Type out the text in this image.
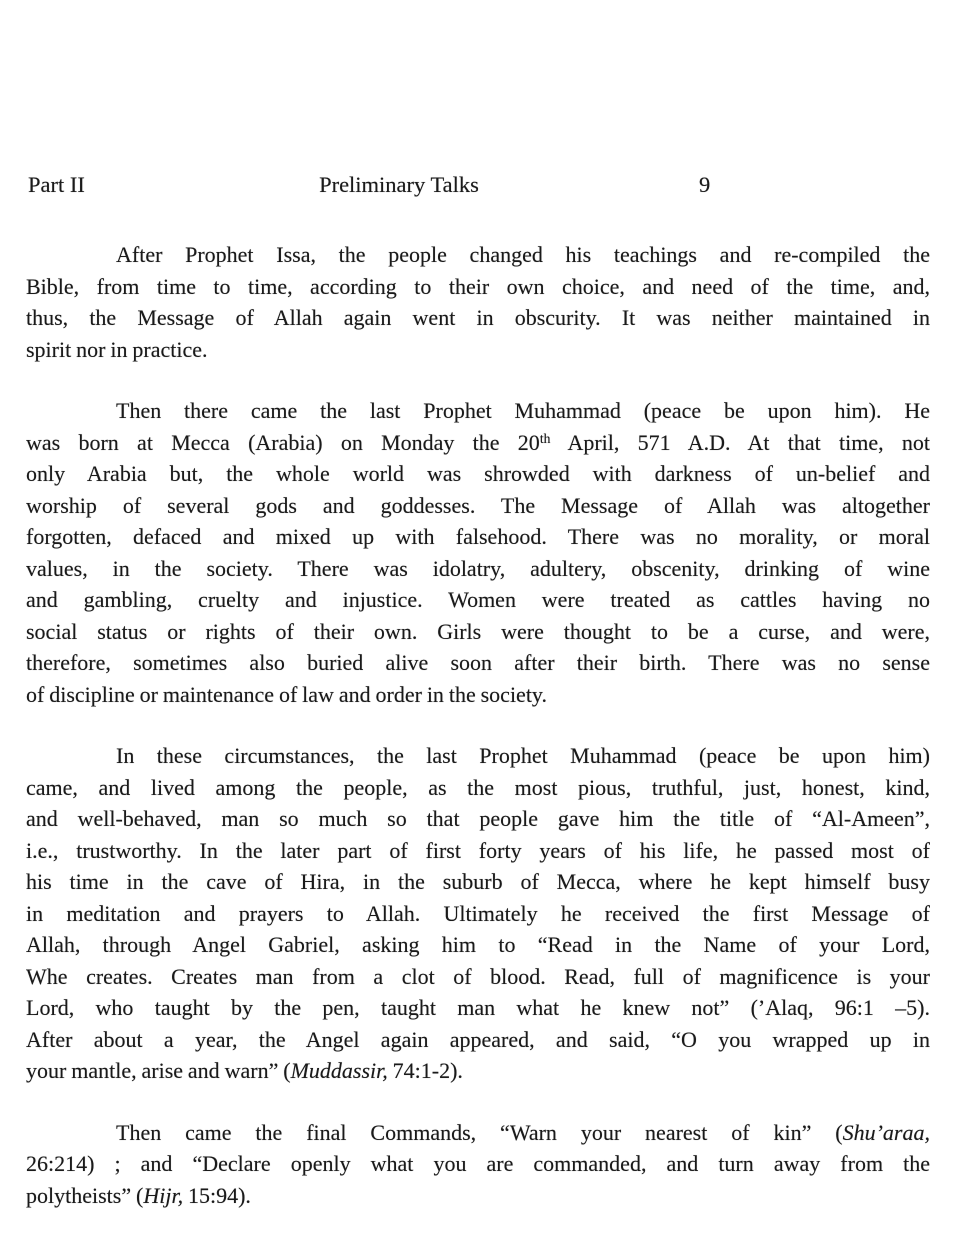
Part II	Preliminary Talks	9
After Prophet Issa, the people changed his teachings and re-compiled the
Bible, from time to time, according to their own choice, and need of the time, and,
thus, the Message of Allah again went in obscurity. It was neither maintained in
spirit nor in practice.
Then there came the last Prophet Muhammad (peace be upon him). He
was born at Mecca (Arabia) on Monday the 20th April, 571 A.D. At that time, not
only Arabia but, the whole world was shrowded with darkness of un-belief and
worship of several gods and goddesses. The Message of Allah was altogether
forgotten, defaced and mixed up with falsehood. There was no morality, or moral
values, in the society. There was idolatry, adultery, obscenity, drinking of wine
and gambling, cruelty and injustice. Women were treated as cattles having no
social status or rights of their own. Girls were thought to be a curse, and were,
therefore, sometimes also buried alive soon after their birth. There was no sense
of discipline or maintenance of law and order in the society.
In these circumstances, the last Prophet Muhammad (peace be upon him)
came, and lived among the people, as the most pious, truthful, just, honest, kind,
and well-behaved, man so much so that people gave him the title of “Al-Ameen”,
i.e., trustworthy. In the later part of first forty years of his life, he passed most of
his time in the cave of Hira, in the suburb of Mecca, where he kept himself busy
in meditation and prayers to Allah. Ultimately he received the first Message of
Allah, through Angel Gabriel, asking him to “Read in the Name of your Lord,
Whe creates. Creates man from a clot of blood. Read, full of magnificence is your
Lord, who taught by the pen, taught man what he knew not” (’Alaq, 96:1 –5).
After about a year, the Angel again appeared, and said, “O you wrapped up in
your mantle, arise and warn” (Muddassir, 74:1-2).
Then came the final Commands, “Warn your nearest of kin” (Shu’araa,
26:214) ; and “Declare openly what you are commanded, and turn away from the
polytheists” (Hijr, 15:94).
